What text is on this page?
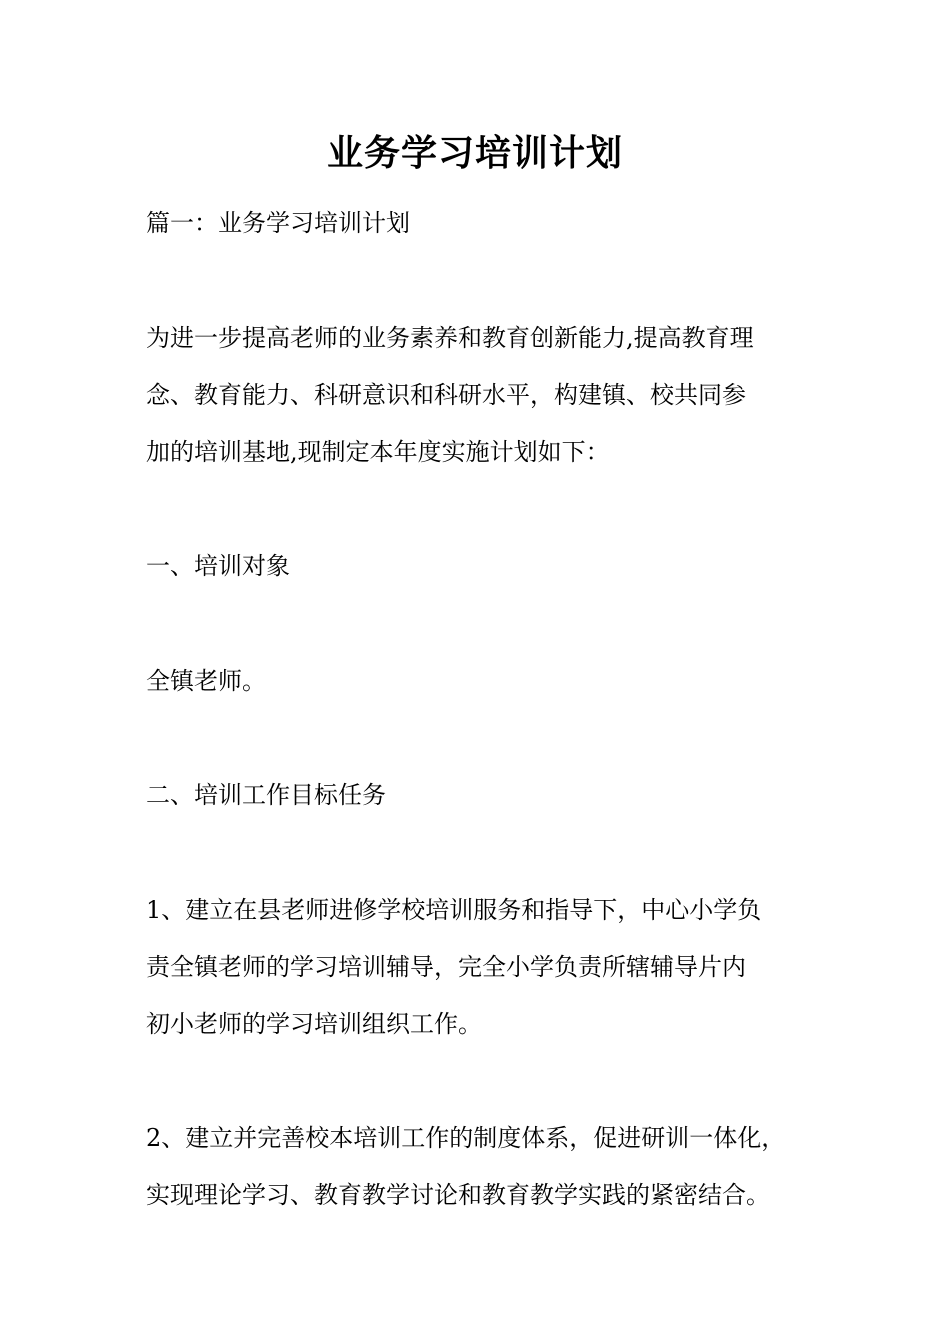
业务学习培训计划
篇一：业务学习培训计划
为进一步提高老师的业务素养和教育创新能力,提高教育理
念、教育能力、科研意识和科研水平，构建镇、校共同参
加的培训基地,现制定本年度实施计划如下：
一、培训对象
全镇老师。
二、培训工作目标任务
1、建立在县老师进修学校培训服务和指导下，中心小学负
责全镇老师的学习培训辅导，完全小学负责所辖辅导片内
初小老师的学习培训组织工作。
2、建立并完善校本培训工作的制度体系，促进研训一体化，
实现理论学习、教育教学讨论和教育教学实践的紧密结合。
